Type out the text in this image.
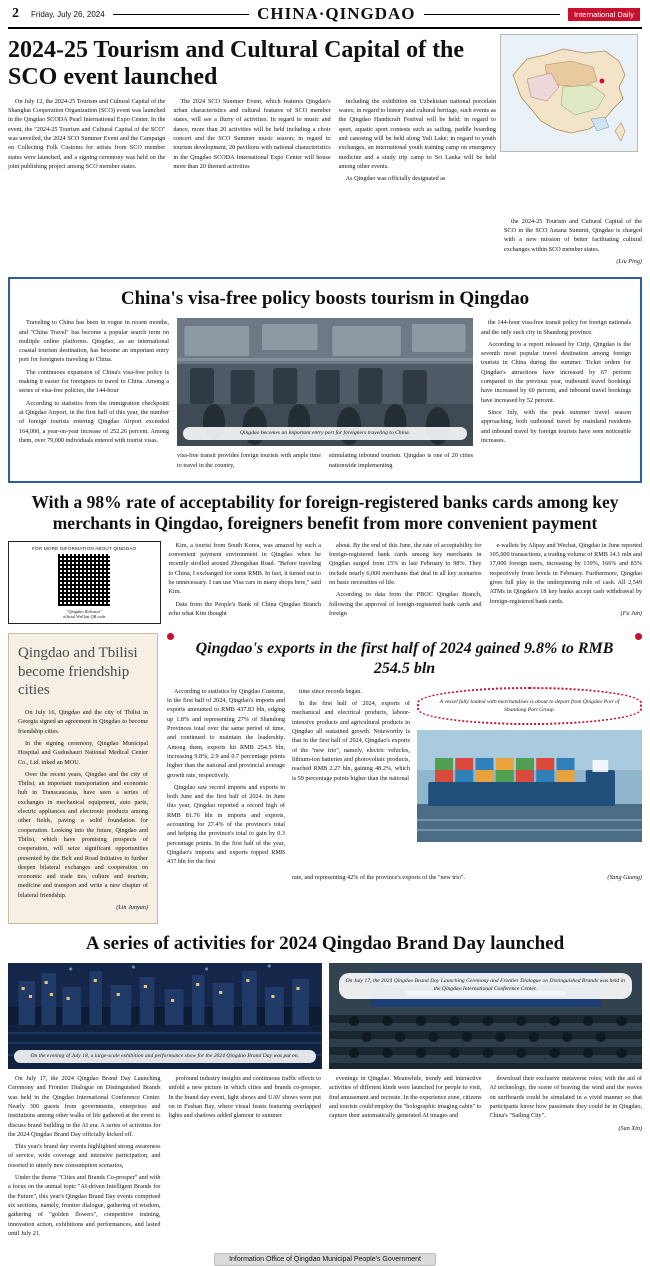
2	Friday, July 26, 2024	CHINA·QINGDAO	International Daily
2024-25 Tourism and Cultural Capital of the SCO event launched

On July 12, the 2024-25 Tourism and Cultural Capital of the Shanghai Cooperation Organization (SCO) event was launched in the Qingdao SCODA Pearl International Expo Center. In the event, the "2024-25 Tourism and Cultural Capital of the SCO" was unveiled, the 2024 SCO Summer Event and the Campaign on Collecting Folk Customs for artists from SCO member states were launched, and a signing ceremony was held on the joint publishing project among SCO member states.

The 2024 SCO Summer Event, which features Qingdao's urban characteristics and cultural features of SCO member states, will see a flurry of activities. In regard to music and dance, more than 20 activities will be held including a choir concert and the SCO Summer music season; in regard to tourism development, 20 pavilions with national characteristics in the Qingdao SCODA International Expo Center will house more than 20 themed activities

including the exhibition on Uzbekistan national porcelain wares; in regard to history and cultural heritage, such events as the Qingdao Handicraft Festival will be held; in regard to sport, aquatic sport contests such as sailing, paddle boarding and canoeing will be held along Yuli Lake; in regard to youth exchanges, an international youth training camp on emergency medicine and a study trip camp to Sri Lanka will be held among other events.

As Qingdao was officially designated as

the 2024-25 Tourism and Cultural Capital of the SCO in the SCO Astana Summit, Qingdao is charged with a new mission of better facilitating cultural exchanges within SCO member states.

(Liu Ping)

China's visa-free policy boosts tourism in Qingdao

Traveling to China has been in vogue in recent months, and "China Travel" has become a popular search term on multiple online platforms. Qingdao, as an international coastal tourism destination, has become an important entry port for foreigners traveling to China.

The continuous expansion of China's visa-free policy is making it easier for foreigners to travel to China. Among a series of visa-free policies, the 144-hour

According to statistics from the immigration checkpoint at Qingdao Airport, in the first half of this year, the number of foreign tourists entering Qingdao Airport exceeded 164,000, a year-on-year increase of 252.26 percent. Among them, over 79,000 individuals entered with tourist visas.

Qingdao becomes an important entry port for foreigners traveling to China.

visa-free transit provides foreign tourists with ample time to travel in the country,

stimulating inbound tourism. Qingdao is one of 20 cities nationwide implementing

the 144-hour visa-free transit policy for foreign nationals and the only such city in Shandong province.

According to a report released by Ctrip, Qingdao is the seventh most popular travel destination among foreign tourists in China during the summer. Ticket orders for Qingdao's attractions have increased by 67 percent compared to the previous year, outbound travel bookings have increased by 60 percent, and inbound travel bookings have increased by 52 percent.

Since July, with the peak summer travel season approaching, both outbound travel by mainland residents and inbound travel by foreign tourists have seen noticeable increases.

With a 98% rate of acceptability for foreign-registered banks cards among key merchants in Qingdao, foreigners benefit from more convenient payment
FOR MORE INFORMATION ABOUT QINGDAO
"Qingdao Releases"
official WeChat QR code

Kim, a tourist from South Korea, was amazed by such a convenient payment environment in Qingdao when he recently strolled around Zhongshan Road. "Before traveling to China, I exchanged for some RMB. In fact, it turned out to be unnecessary. I can use Visa cars in many shops here," said Kim.

Data from the People's Bank of China Qingdao Branch echo what Kim thought

about. By the end of this June, the rate of acceptability for foreign-registered bank cards among key merchants in Qingdao surged from 15% in late February to 98%. They include nearly 6,000 merchants that deal in all key scenarios on basic necessities of life.

According to data from the PBOC Qingdao Branch, following the approval of foreign-registered bank cards and foreign

e-wallets by Alipay and Wechat, Qingdao in June reported 105,000 transactions, a trading volume of RMB 14.1 mln and 17,000 foreign users, increasing by 139%, 166% and 83% respectively from levels in February. Furthermore, Qingdao gives full play to the underpinning role of cash. All 2,549 ATMs in Qingdao's 18 key banks accept cash withdrawal by foreign-registered bank cards.

(Fu Jun)

Qingdao and Tbilisi become friendship cities

On July 16, Qingdao and the city of Tbilisi in Georgia signed an agreement in Qingdao to become friendship cities.

In the signing ceremony, Qingdao Municipal Hospital and Gudushauri National Medical Center Co., Ltd. inked an MOU.

Over the recent years, Qingdao and the city of Tbilisi, an important transportation and economic hub in Transcaucasia, have seen a series of exchanges in mechanical equipment, auto parts, electric appliances and electronic products among other fields, paving a solid foundation for cooperation. Looking into the future, Qingdao and Tbilisi, which have promising prospects of cooperation, will seize significant opportunities presented by the Belt and Road Initiative to further deepen bilateral exchanges and cooperation on economic and trade ties, culture and tourism, medicine and transport and write a new chapter of bilateral friendship.

(Lin Junyan)

Qingdao's exports in the first half of 2024 gained 9.8% to RMB 254.5 bln

According to statistics by Qingdao Customs, in the first half of 2024, Qingdao's imports and exports amounted to RMB 437.83 bln, edging up 1.8% and representing 27% of Shandong Provinces total over the same period of time, and continued to maintain the leadership. Among them, exports hit RMB 254.5 bln, increasing 9.8%, 2.9 and 0.7 percentage points higher than the national and provincial average growth rate, respectively.

Qingdao saw record imports and exports in both June and the first half of 2024. In June this year, Qingdao reported a record high of RMB 81.76 bln in imports and exports, accounting for 27.4% of the province's total and helping the province's total to gain by 0.3 percentage points. In the first half of the year, Qingdao's imports and exports topped RMB 437 bln for the first

time since records began.

In the first half of 2024, exports of mechanical and electrical products, labour-intensive products and agricultural products in Qingdao all sustained growth. Noteworthy is that in the first half of 2024, Qingdao's exports of the "new trio", namely, electric vehicles, lithium-ion batteries and photovoltaic products, reached RMB 2.27 bln, gaining 48.2%, which is 59 percentage points higher than the national

A vessel fully loaded with merchandises is about to depart from Qingdao Port of Shandong Port Group.

rate, and representing 42% of the province's exports of the "new trio".	(Yang Guang)

A series of activities for 2024 Qingdao Brand Day launched
On the evening of July 18, a large-scale exhibition and performance show for the 2024 Qingdao Brand Day was put on.
On July 17, the 2024 Qingdao Brand Day Launching Ceremony and Frontier Dialogue on Distinguished Brands was held in the Qingdao International Conference Center.

On July 17, the 2024 Qingdao Brand Day Launching Ceremony and Frontier Dialogue on Distinguished Brands was held in the Qingdao International Conference Center. Nearly 300 guests from governments, enterprises and institutions among other walks of life gathered at the event to discuss brand building in the AI era. A series of activities for the 2024 Qingdao Brand Day officially kicked off.

This year's brand day events highlighted strong awareness of service, wide coverage and intensive participation, and resorted to utterly new consumption scenarios,

Under the theme "Cities and Brands Co-prosper" and with a focus on the annual topic "AI-driven Intelligent Brands for the Future", this year's Qingdao Brand Day events comprised six sections, namely, frontier dialogue, gathering of wisdom, gathering of "golden flowers", competitive training, innovation action, exhibitions and performances, and lasted until July 21.

profound industry insights and continuous traffic effects to unfold a new picture in which cities and brands co-prosper. In the brand day event, light shows and UAV shows were put on in Fushan Bay, where visual feasts featuring overlapped lights and shadows added glamour to summer

evenings in Qingdao. Meanwhile, trendy and interactive activities of different kinds were launched for people to visit, find amusement and recreate. In the experience zone, citizens and tourists could employ the "holographic imaging cabin" to capture their automatically generated AI images and

download their exclusive metaverse roles; with the aid of AI technology, the scene of braving the wind and the waves on surfboards could be simulated in a vivid manner so that participants know how passionate they could be in Qingdao, China's "Sailing City".

(Sun Xin)

Information Office of Qingdao Municipal People's Government
